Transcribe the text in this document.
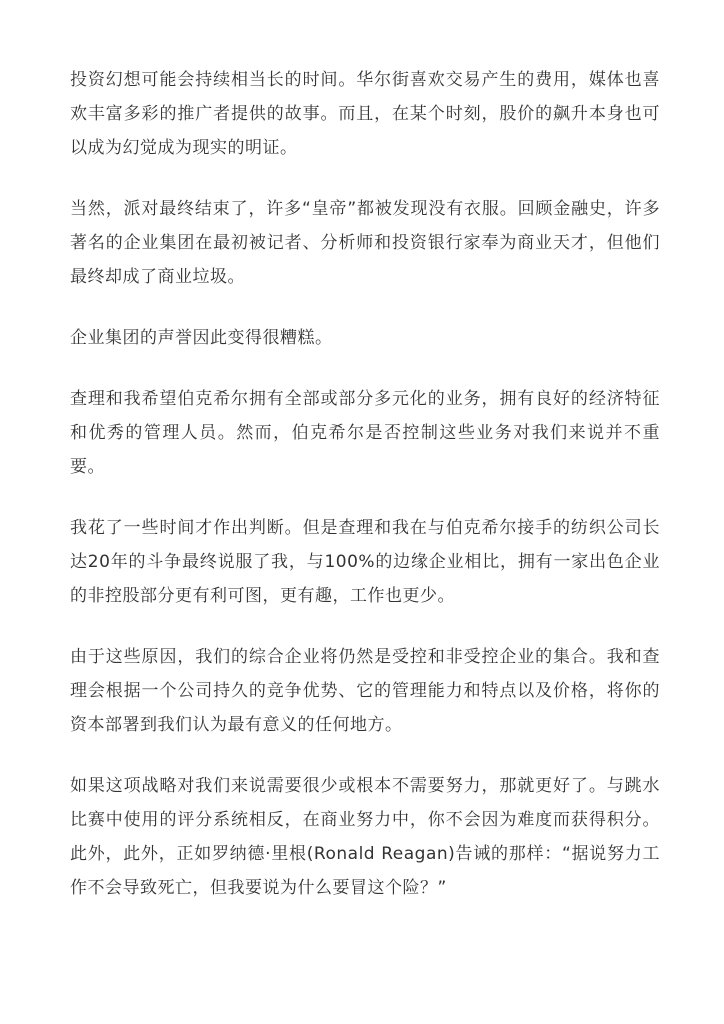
投资幻想可能会持续相当长的时间。华尔街喜欢交易产生的费用，媒体也喜欢丰富多彩的推广者提供的故事。而且，在某个时刻，股价的飙升本身也可以成为幻觉成为现实的明证。

当然，派对最终结束了，许多“皇帝”都被发现没有衣服。回顾金融史，许多著名的企业集团在最初被记者、分析师和投资银行家奉为商业天才，但他们最终却成了商业垃圾。

企业集团的声誉因此变得很糟糕。

查理和我希望伯克希尔拥有全部或部分多元化的业务，拥有良好的经济特征和优秀的管理人员。然而，伯克希尔是否控制这些业务对我们来说并不重要。

我花了一些时间才作出判断。但是查理和我在与伯克希尔接手的纺织公司长达20年的斗争最终说服了我，与100%的边缘企业相比，拥有一家出色企业的非控股部分更有利可图，更有趣，工作也更少。

由于这些原因，我们的综合企业将仍然是受控和非受控企业的集合。我和查理会根据一个公司持久的竞争优势、它的管理能力和特点以及价格，将你的资本部署到我们认为最有意义的任何地方。

如果这项战略对我们来说需要很少或根本不需要努力，那就更好了。与跳水比赛中使用的评分系统相反，在商业努力中，你不会因为难度而获得积分。此外，此外，正如罗纳德·里根(Ronald Reagan)告诫的那样：“据说努力工作不会导致死亡，但我要说为什么要冒这个险？”
